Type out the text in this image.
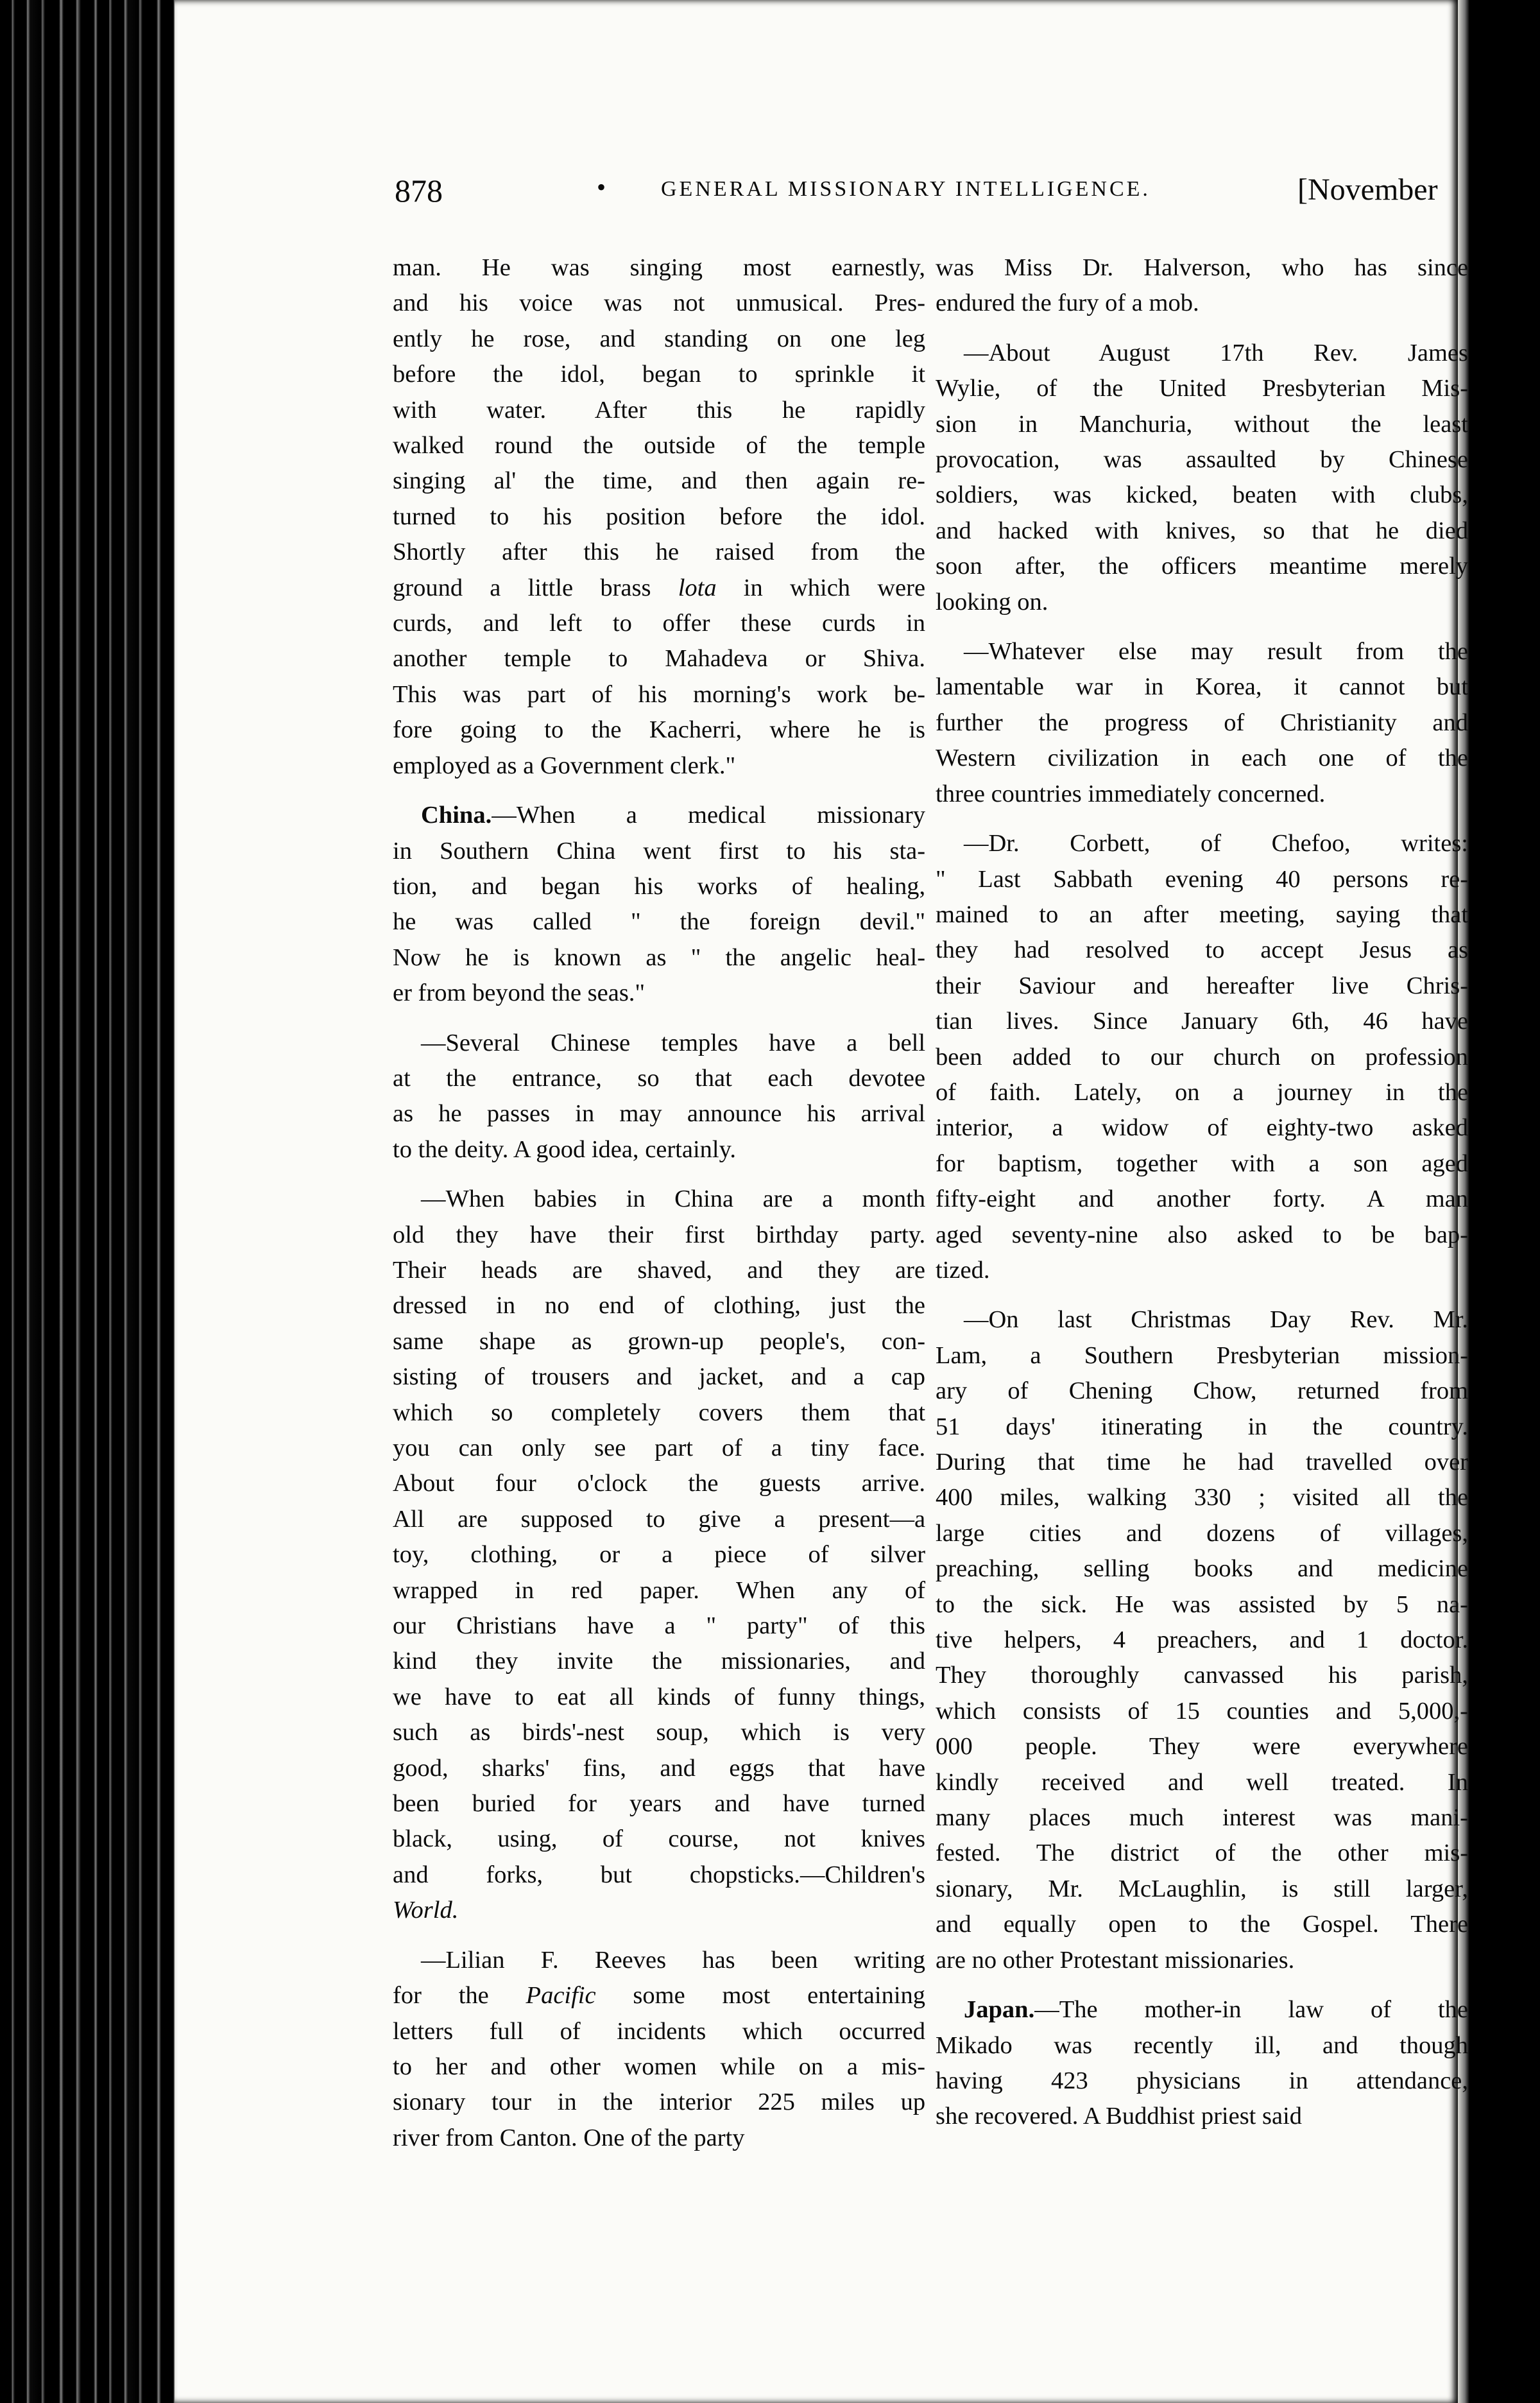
878	•	GENERAL MISSIONARY INTELLIGENCE.	[November
man. He was singing most earnestly,
and his voice was not unmusical. Pres-
ently he rose, and standing on one leg
before the idol, began to sprinkle it
with water. After this he rapidly
walked round the outside of the temple
singing al' the time, and then again re-
turned to his position before the idol.
Shortly after this he raised from the
ground a little brass lota in which were
curds, and left to offer these curds in
another temple to Mahadeva or Shiva.
This was part of his morning's work be-
fore going to the Kacherri, where he is
employed as a Government clerk."
China.—When a medical missionary
in Southern China went first to his sta-
tion, and began his works of healing,
he was called " the foreign devil."
Now he is known as " the angelic heal-
er from beyond the seas."
—Several Chinese temples have a bell
at the entrance, so that each devotee
as he passes in may announce his arrival
to the deity. A good idea, certainly.
—When babies in China are a month
old they have their first birthday party.
Their heads are shaved, and they are
dressed in no end of clothing, just the
same shape as grown-up people's, con-
sisting of trousers and jacket, and a cap
which so completely covers them that
you can only see part of a tiny face.
About four o'clock the guests arrive.
All are supposed to give a present—a
toy, clothing, or a piece of silver
wrapped in red paper. When any of
our Christians have a " party" of this
kind they invite the missionaries, and
we have to eat all kinds of funny things,
such as birds'-nest soup, which is very
good, sharks' fins, and eggs that have
been buried for years and have turned
black, using, of course, not knives
and forks, but chopsticks.—Children's
World.
—Lilian F. Reeves has been writing
for the Pacific some most entertaining
letters full of incidents which occurred
to her and other women while on a mis-
sionary tour in the interior 225 miles up
river from Canton. One of the party
was Miss Dr. Halverson, who has since
endured the fury of a mob.
—About August 17th Rev. James
Wylie, of the United Presbyterian Mis-
sion in Manchuria, without the least
provocation, was assaulted by Chinese
soldiers, was kicked, beaten with clubs,
and hacked with knives, so that he died
soon after, the officers meantime merely
looking on.
—Whatever else may result from the
lamentable war in Korea, it cannot but
further the progress of Christianity and
Western civilization in each one of the
three countries immediately concerned.
—Dr. Corbett, of Chefoo, writes:
" Last Sabbath evening 40 persons re-
mained to an after meeting, saying that
they had resolved to accept Jesus as
their Saviour and hereafter live Chris-
tian lives. Since January 6th, 46 have
been added to our church on profession
of faith. Lately, on a journey in the
interior, a widow of eighty-two asked
for baptism, together with a son aged
fifty-eight and another forty. A man
aged seventy-nine also asked to be bap-
tized.
—On last Christmas Day Rev. Mr.
Lam, a Southern Presbyterian mission-
ary of Chening Chow, returned from
51 days' itinerating in the country.
During that time he had travelled over
400 miles, walking 330 ; visited all the
large cities and dozens of villages,
preaching, selling books and medicine
to the sick. He was assisted by 5 na-
tive helpers, 4 preachers, and 1 doctor.
They thoroughly canvassed his parish,
which consists of 15 counties and 5,000,-
000 people. They were everywhere
kindly received and well treated. In
many places much interest was mani-
fested. The district of the other mis-
sionary, Mr. McLaughlin, is still larger,
and equally open to the Gospel. There
are no other Protestant missionaries.
Japan.—The mother-in law of the
Mikado was recently ill, and though
having 423 physicians in attendance,
she recovered. A Buddhist priest said
